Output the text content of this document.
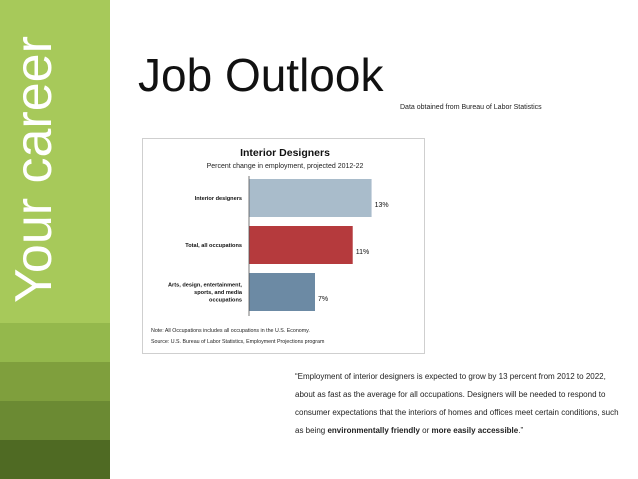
Your career Job Outlook
Data obtained from Bureau of Labor Statistics
Interior Designers
Percent change in employment, projected 2012-22
13%
Interior designers
11%
Total, all occupations
7%
Arts, design, entertainment, sports, and media occupations
Note: All Occupations includes all occupations in the U.S. Economy.
Source: U.S. Bureau of Labor Statistics, Employment Projections program
“Employment of interior designers is expected to grow by 13 percent from 2012 to 2022, about as fast as the average for all occupations. Designers will be needed to respond to consumer expectations that the interiors of homes and offices meet certain conditions, such as being environmentally friendly or more easily accessible.”
